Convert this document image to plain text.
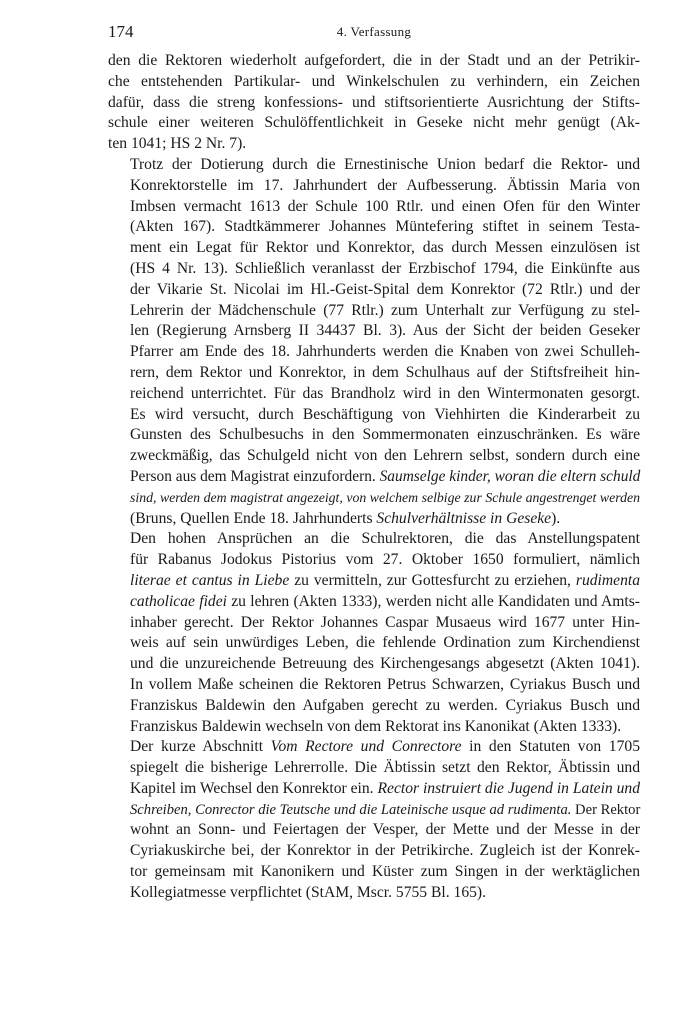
174	4. Verfassung

den die Rektoren wiederholt aufgefordert, die in der Stadt und an der Petrikir-
che entstehenden Partikular- und Winkelschulen zu verhindern, ein Zeichen
dafür, dass die streng konfessions- und stiftsorientierte Ausrichtung der Stifts-
schule einer weiteren Schulöffentlichkeit in Geseke nicht mehr genügt (Ak-
ten 1041; HS 2 Nr. 7).

Trotz der Dotierung durch die Ernestinische Union bedarf die Rektor- und
Konrektorstelle im 17. Jahrhundert der Aufbesserung. Äbtissin Maria von
Imbsen vermacht 1613 der Schule 100 Rtlr. und einen Ofen für den Winter
(Akten 167). Stadtkämmerer Johannes Müntefering stiftet in seinem Testa-
ment ein Legat für Rektor und Konrektor, das durch Messen einzulösen ist
(HS 4 Nr. 13). Schließlich veranlasst der Erzbischof 1794, die Einkünfte aus
der Vikarie St. Nicolai im Hl.-Geist-Spital dem Konrektor (72 Rtlr.) und der
Lehrerin der Mädchenschule (77 Rtlr.) zum Unterhalt zur Verfügung zu stel-
len (Regierung Arnsberg II 34437 Bl. 3). Aus der Sicht der beiden Geseker
Pfarrer am Ende des 18. Jahrhunderts werden die Knaben von zwei Schulleh-
rern, dem Rektor und Konrektor, in dem Schulhaus auf der Stiftsfreiheit hin-
reichend unterrichtet. Für das Brandholz wird in den Wintermonaten gesorgt.
Es wird versucht, durch Beschäftigung von Viehhirten die Kinderarbeit zu
Gunsten des Schulbesuchs in den Sommermonaten einzuschränken. Es wäre
zweckmäßig, das Schulgeld nicht von den Lehrern selbst, sondern durch eine
Person aus dem Magistrat einzufordern. Saumselge kinder, woran die eltern schuld
sind, werden dem magistrat angezeigt, von welchem selbige zur Schule angestrenget werden
(Bruns, Quellen Ende 18. Jahrhunderts Schulverhältnisse in Geseke).

Den hohen Ansprüchen an die Schulrektoren, die das Anstellungspatent
für Rabanus Jodokus Pistorius vom 27. Oktober 1650 formuliert, nämlich
literae et cantus in Liebe zu vermitteln, zur Gottesfurcht zu erziehen, rudimenta
catholicae fidei zu lehren (Akten 1333), werden nicht alle Kandidaten und Amts-
inhaber gerecht. Der Rektor Johannes Caspar Musaeus wird 1677 unter Hin-
weis auf sein unwürdiges Leben, die fehlende Ordination zum Kirchendienst
und die unzureichende Betreuung des Kirchengesangs abgesetzt (Akten 1041).
In vollem Maße scheinen die Rektoren Petrus Schwarzen, Cyriakus Busch und
Franziskus Baldewin den Aufgaben gerecht zu werden. Cyriakus Busch und
Franziskus Baldewin wechseln von dem Rektorat ins Kanonikat (Akten 1333).

Der kurze Abschnitt Vom Rectore und Conrectore in den Statuten von 1705
spiegelt die bisherige Lehrerrolle. Die Äbtissin setzt den Rektor, Äbtissin und
Kapitel im Wechsel den Konrektor ein. Rector instruiert die Jugend in Latein und
Schreiben, Conrector die Teutsche und die Lateinische usque ad rudimenta. Der Rektor
wohnt an Sonn- und Feiertagen der Vesper, der Mette und der Messe in der
Cyriakuskirche bei, der Konrektor in der Petrikirche. Zugleich ist der Konrek-
tor gemeinsam mit Kanonikern und Küster zum Singen in der werktäglichen
Kollegiatmesse verpflichtet (StAM, Mscr. 5755 Bl. 165).
